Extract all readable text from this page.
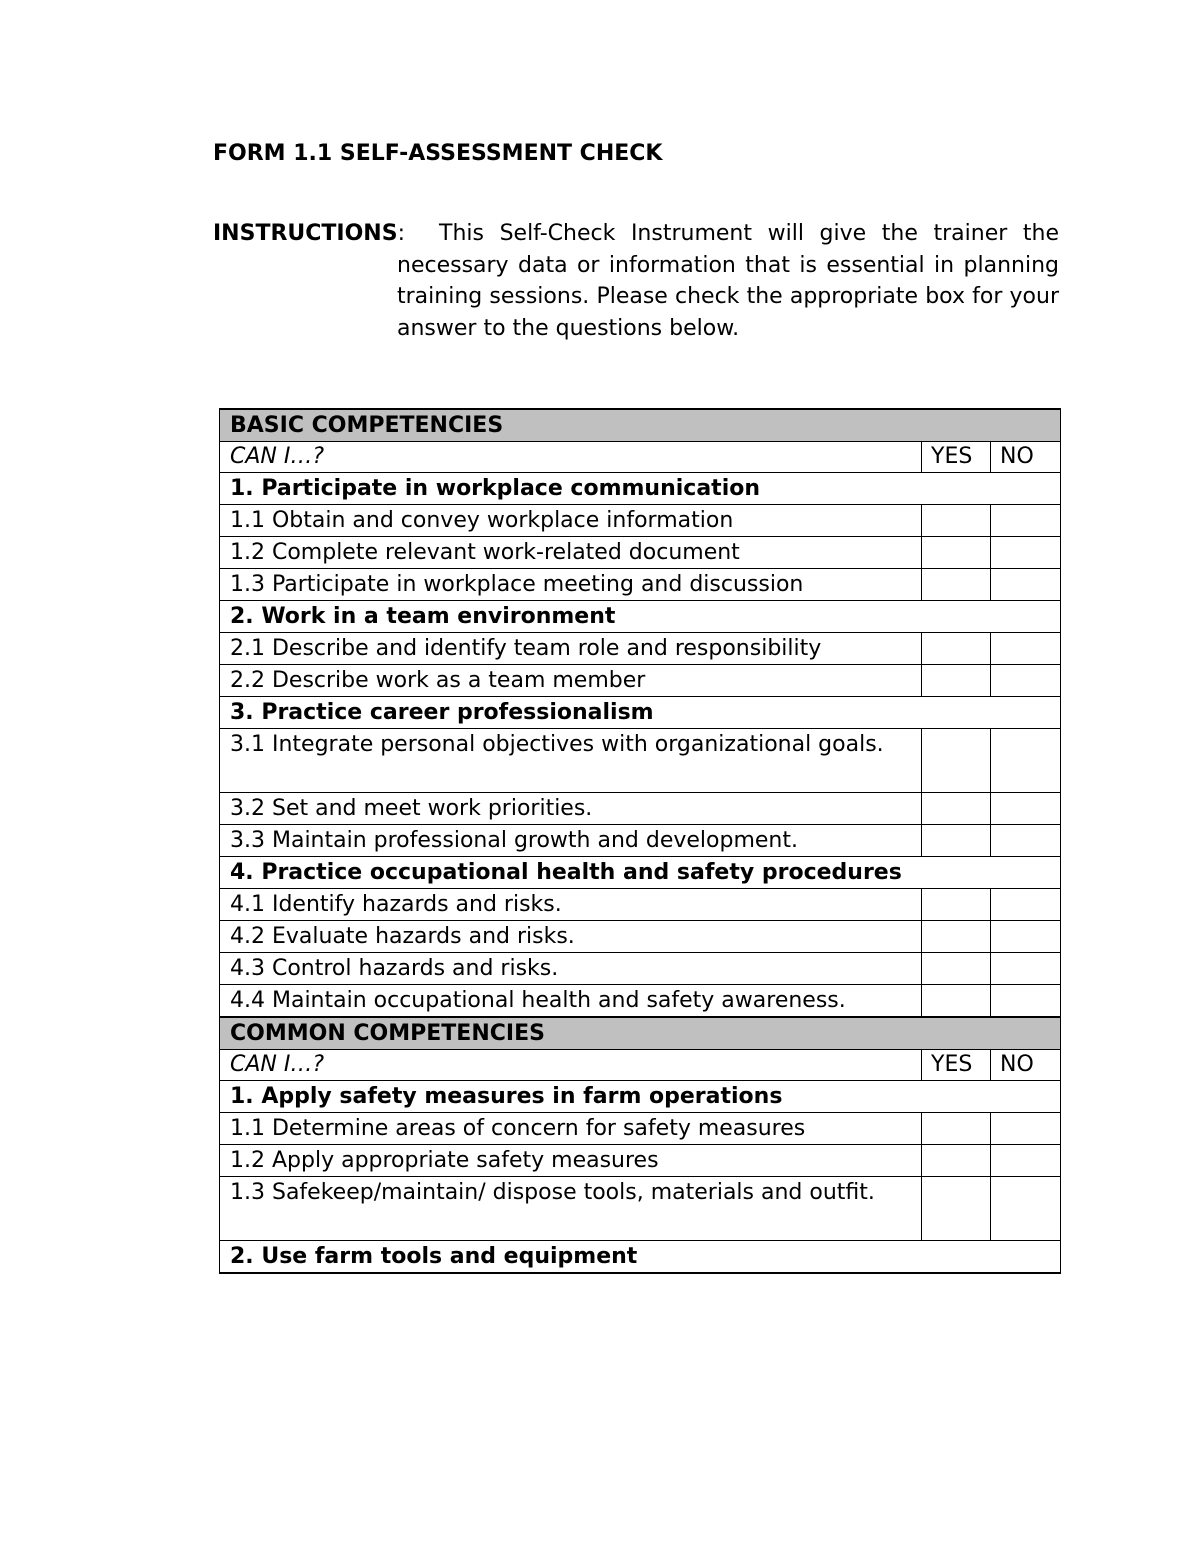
FORM 1.1 SELF-ASSESSMENT CHECK
INSTRUCTIONS:	This Self-Check Instrument will give the trainer the necessary data or information that is essential in planning training sessions. Please check the appropriate box for your answer to the questions below.
BASIC COMPETENCIES		
CAN I…?	YES	NO
1. Participate in workplace communication		
1.1 Obtain and convey workplace information		
1.2 Complete relevant work-related document		
1.3 Participate in workplace meeting and discussion		
2. Work in a team environment		
2.1 Describe and identify team role and responsibility		
2.2 Describe work as a team member		
3. Practice career professionalism		
3.1 Integrate personal objectives with organizational goals.		
3.2 Set and meet work priorities.		
3.3 Maintain professional growth and development.		
4. Practice occupational health and safety procedures		
4.1 Identify hazards and risks.		
4.2 Evaluate hazards and risks.		
4.3 Control hazards and risks.		
4.4 Maintain occupational health and safety awareness.		
COMMON COMPETENCIES		
CAN I…?	YES	NO
1. Apply safety measures in farm operations		
1.1 Determine areas of concern for safety measures		
1.2 Apply appropriate safety measures		
1.3 Safekeep/maintain/ dispose tools, materials and outfit.		
2. Use farm tools and equipment		
